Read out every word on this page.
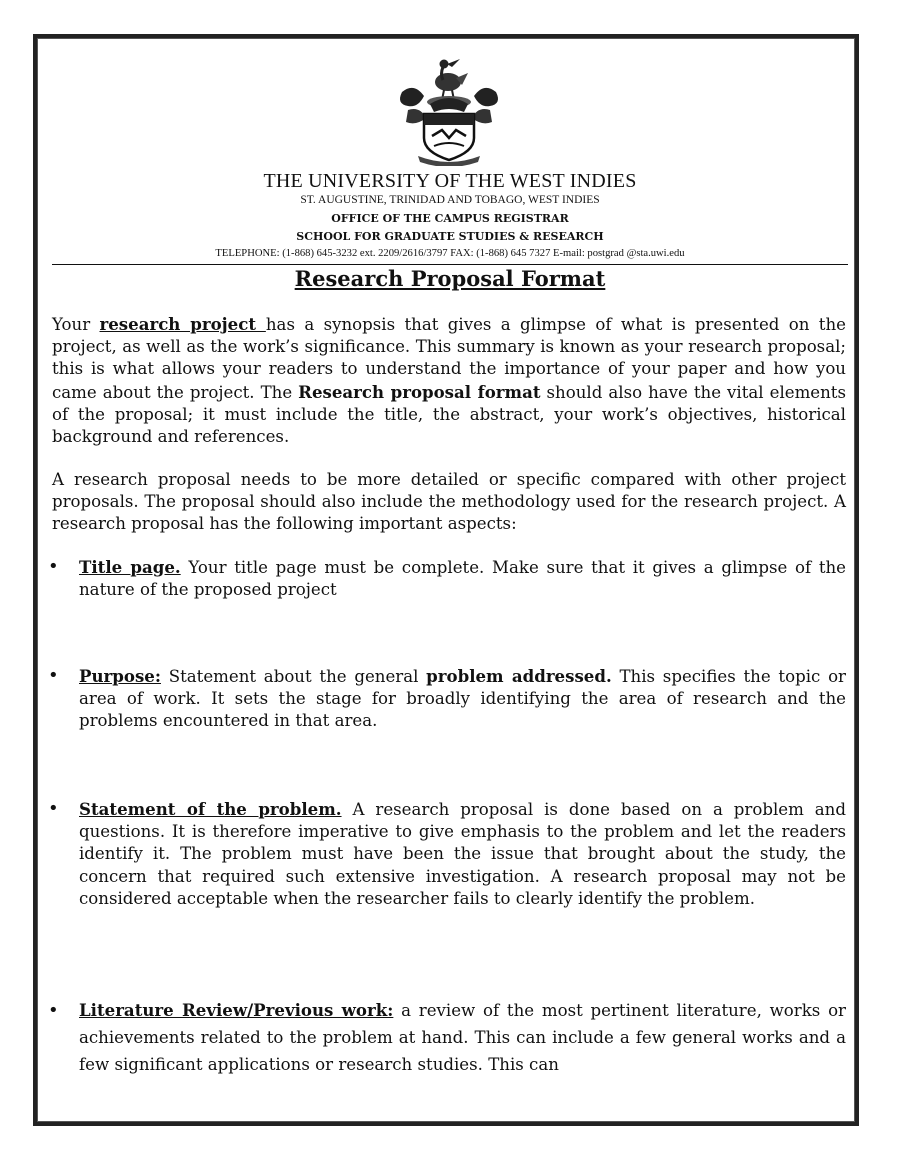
THE UNIVERSITY OF THE WEST INDIES
ST. AUGUSTINE, TRINIDAD AND TOBAGO, WEST INDIES
OFFICE OF THE CAMPUS REGISTRAR
SCHOOL FOR GRADUATE STUDIES & RESEARCH
TELEPHONE: (1-868) 645-3232 ext. 2209/2616/3797 FAX: (1-868) 645 7327 E-mail: postgrad @sta.uwi.edu
Research Proposal Format
Your research project has a synopsis that gives a glimpse of what is presented on the project, as well as the work’s significance. This summary is known as your research proposal; this is what allows your readers to understand the importance of your paper and how you came about the project. The Research proposal format should also have the vital elements of the proposal; it must include the title, the abstract, your work’s objectives, historical background and references.
A research proposal needs to be more detailed or specific compared with other project proposals. The proposal should also include the methodology used for the research project. A research proposal has the following important aspects:
• Title page. Your title page must be complete. Make sure that it gives a glimpse of the nature of the proposed project
• Purpose: Statement about the general problem addressed. This specifies the topic or area of work. It sets the stage for broadly identifying the area of research and the problems encountered in that area.
• Statement of the problem. A research proposal is done based on a problem and questions. It is therefore imperative to give emphasis to the problem and let the readers identify it. The problem must have been the issue that brought about the study, the concern that required such extensive investigation. A research proposal may not be considered acceptable when the researcher fails to clearly identify the problem.
• Literature Review/Previous work: a review of the most pertinent literature, works or achievements related to the problem at hand. This can include a few general works and a few significant applications or research studies. This can
